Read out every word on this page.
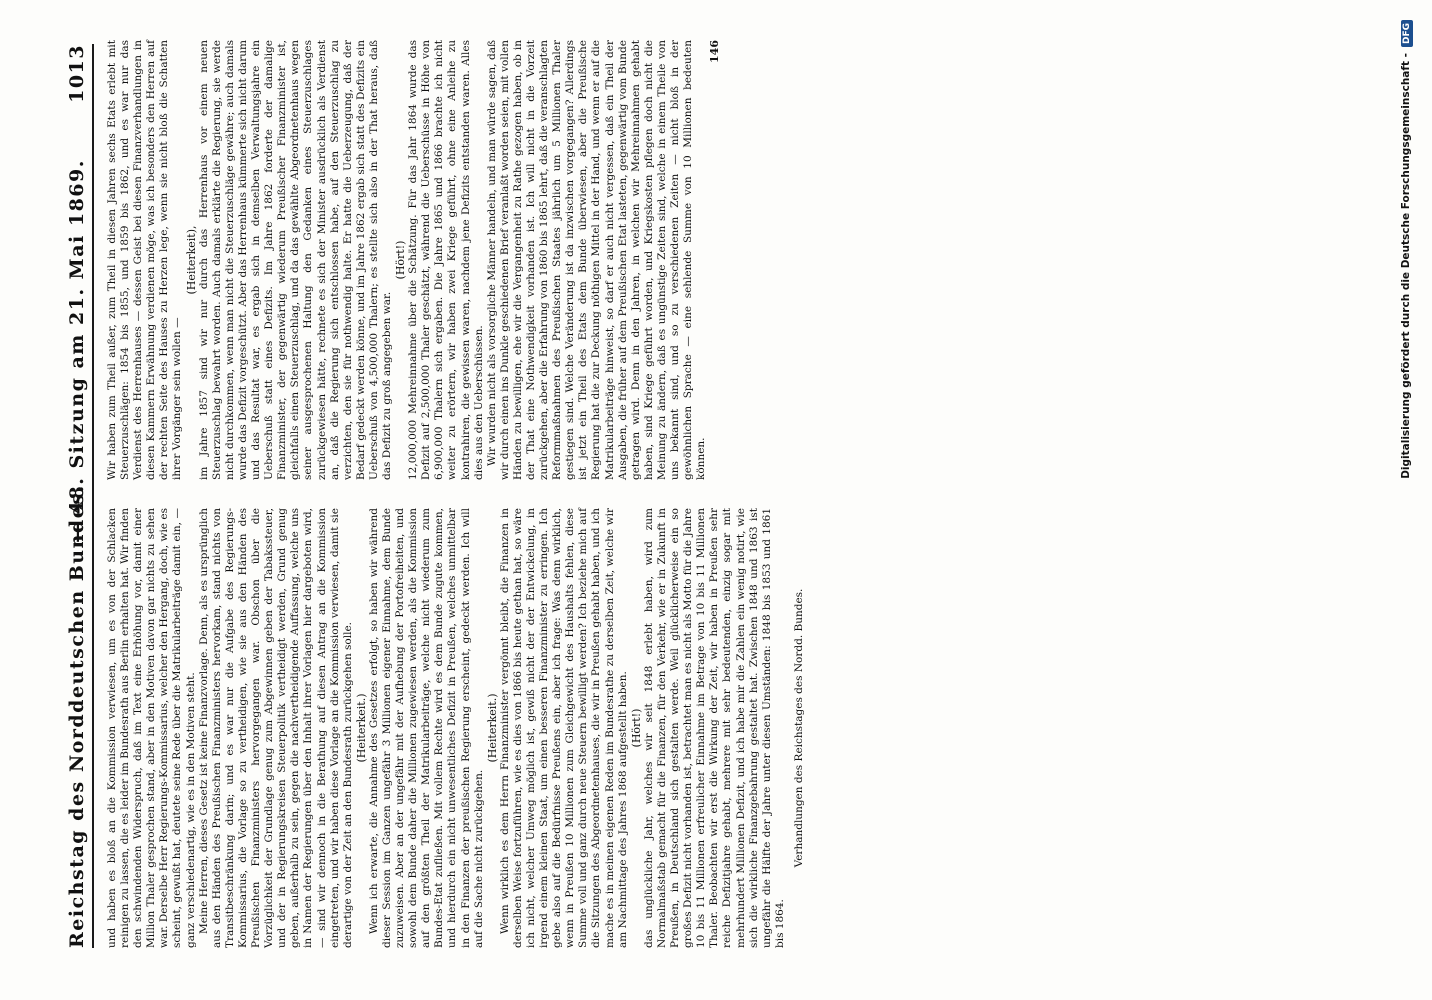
Reichstag des Norddeutschen Bundes.
— 48. Sitzung am 21. Mai 1869.  1013

und haben es bloß an die Kommission verwiesen, um es von der Schlacken reinigen zu lassen, die es leider im Bundesrath aus Berlin erhalten hat. Wir finden den schwindenden Widerspruch, daß im Text eine Erhöhung vor, damit einer Million Thaler gesprochen stand, aber in den Motiven davon gar nichts zu sehen war. Derselbe Herr Regierungs-Kommissarius, welcher den Hergang, doch, wie es scheint, gewußt hat, deutete seine Rede über die Matrikularbeiträge damit ein, — ganz verschiedenartig, wie es in den Motiven steht. Meine Herren, dieses Gesetz ist keine Finanzvorlage. Denn, als es ursprünglich aus den Händen des Preußischen Finanzministers hervorkam, stand nichts von Transitbeschränkung darin; und es war nur die Aufgabe des Regierungs-Kommissarius, die Vorlage so zu vertheidigen, wie sie aus den Händen des Preußischen Finanzministers hervorgegangen war. Obschon über die Vorzüglichkeit der Grundlage genug zum Abgewinnen geben der Tabakssteuer, und der in Regierungskreisen Steuerpolitik vertheidigt werden, Grund genug geben, außerhalb zu sein, gegen die nachvertheidigende Auffassung, welche uns in Namen der Regierungen über den Inhalt ihrer Vorlagen hier dargeboten wird, — sind wir dennoch in die Berathung auf diesen Antrag an die Kommission eingetreten, und wir haben diese Vorlage an die Kommission verwiesen, damit sie derartige von der Zeit an den Bundesrath zurückgehen solle. (Heiterkeit.) Wenn ich erwarte, die Annahme des Gesetzes erfolgt, so haben wir während dieser Session im Ganzen ungefähr 3 Millionen eigener Einnahme, dem Bunde zuzuweisen. Aber an der ungefähr mit der Aufhebung der Portofreiheiten, und sowohl dem Bunde daher die Millionen zugewiesen werden, als die Kommission auf den größten Theil der Matrikularbeiträge, welche nicht wiederum zum Bundes-Etat zufließen. Mit vollem Rechte wird es dem Bunde zugute kommen, und hierdurch ein nicht unwesentliches Defizit in Preußen, welches unmittelbar in den Finanzen der preußischen Regierung erscheint, gedeckt werden. Ich will auf die Sache nicht zurückgehen.

(Heiterkeit.) Wenn wirklich es dem Herrn Finanzminister vergönnt bleibt, die Finanzen in derselben Weise fortzuführen, wie es dies von 1866 bis heute gethan hat, so wäre ich nicht, welcher Umweg möglich ist, gewiß nicht der der Entwickelung, in irgend einem kleinen Staat, um einen besseren Finanzminister zu erringen. Ich gebe also auf die Bedürfnisse Preußens ein, aber ich frage: Was denn wirklich, wenn in Preußen 10 Millionen zum Gleichgewicht des Haushalts fehlen, diese Summe voll und ganz durch neue Steuern bewilligt werden? Ich beziehe mich auf die Sitzungen des Abgeordnetenhauses, die wir in Preußen gehabt haben, und ich mache es in meinen eigenen Reden im Bundesrathe zu derselben Zeit, welche wir am Nachmittage des Jahres 1868 aufgestellt haben. (Hört!) das unglückliche Jahr, welches wir seit 1848 erlebt haben, wird zum Normalmaßstab gemacht für die Finanzen, für den Verkehr, wie er in Zukunft in Preußen, in Deutschland sich gestalten werde. Weil glücklicherweise ein so großes Defizit nicht vorhanden ist, betrachtet man es nicht als Motto für die Jahre 10 bis 11 Millionen erfreulicher Einnahme im Betrage von 10 bis 11 Millionen Thaler. Beobachten wir erst die Wirkung der Zeit, wir haben in Preußen sehr reiche Defizitjahre gehabt, mehrere mit sehr bedeutenden, einzig sogar mit mehrhundert Millionen Defizit, und ich habe mir die Zahlen ein wenig notirt, wie sich die wirkliche Finanzgebahrung gestaltet hat. Zwischen 1848 und 1863 ist ungefähr die Hälfte der Jahre unter diesen Umständen: 1848 bis 1853 und 1861 bis 1864.

Verhandlungen des Reichstages des Nordd. Bundes.

Wir haben zum Theil außer, zum Theil in diesen Jahren sechs Etats erlebt mit Steuerzuschlägen: 1854 bis 1855, und 1859 bis 1862, und es war nur das Verdienst des Herrenhauses — dessen Geist bei diesen Finanzverhandlungen in diesen Kammern Erwähnung verdienen möge, was ich besonders den Herren auf der rechten Seite des Hauses zu Herzen lege, wenn sie nicht bloß die Schatten ihrer Vorgänger sein wollen —

(Heiterkeit), im Jahre 1857 sind wir nur durch das Herrenhaus vor einem neuen Steuerzuschlag bewahrt worden. Auch damals erklärte die Regierung, sie werde nicht durchkommen, wenn man nicht die Steuerzuschläge gewähre; auch damals wurde das Defizit vorgeschützt. Aber das Herrenhaus kümmerte sich nicht darum und das Resultat war, es ergab sich in demselben Verwaltungsjahre ein Ueberschuß statt eines Defizits. Im Jahre 1862 forderte der damalige Finanzminister, der gegenwärtig wiederum Preußischer Finanzminister ist, gleichfalls einen Steuerzuschlag, und da das gewählte Abgeordnetenhaus wegen seiner ausgesprochenen Haltung den Gedanken eines Steuerzuschlages zurückgewiesen hätte, rechnete es sich der Minister ausdrücklich als Verdienst an, daß die Regierung sich entschlossen habe, auf den Steuerzuschlag zu verzichten, den sie für nothwendig halte. Er hatte die Ueberzeugung, daß der Bedarf gedeckt werden könne, und im Jahre 1862 ergab sich statt des Defizits ein Ueberschuß von 4,500,000 Thalern; es stellte sich also in der That heraus, daß das Defizit zu groß angegeben war.

(Hört!) 12,000,000 Mehreinnahme über die Schätzung. Für das Jahr 1864 wurde das Defizit auf 2,500,000 Thaler geschätzt, während die Ueberschüsse in Höhe von 6,900,000 Thalern sich ergaben. Die Jahre 1865 und 1866 brachte ich nicht weiter zu erörtern, wir haben zwei Kriege geführt, ohne eine Anleihe zu kontrahiren, die gewissen waren, nachdem jene Defizits entstanden waren. Alles dies aus den Ueberschüssen. Wir wurden nicht als vorsorgliche Männer handeln, und man würde sagen, daß wir durch einen ins Dunkle geschiedenen Brief veranlaßt worden seien, mit vollen Händen zu bewilligen, ehe wir die Vergangenheit zu Rathe gezogen haben, ob in der That eine Nothwendigkeit vorhanden ist. Ich will nicht in die Vorzeit zurückgehen, aber die Erfahrung von 1860 bis 1865 lehrt, daß die veranschlagten Reformmaßnahmen des Preußischen Staates jährlich um 5 Millionen Thaler gestiegen sind. Welche Veränderung ist da inzwischen vorgegangen? Allerdings ist jetzt ein Theil des Etats dem Bunde überwiesen, aber die Preußische Regierung hat die zur Deckung nöthigen Mittel in der Hand, und wenn er auf die Matrikularbeiträge hinweist, so darf er auch nicht vergessen, daß ein Theil der Ausgaben, die früher auf dem Preußischen Etat lasteten, gegenwärtig vom Bunde getragen wird. Denn in den Jahren, in welchen wir Mehreinnahmen gehabt haben, sind Kriege geführt worden, und Kriegskosten pflegen doch nicht die Meinung zu ändern, daß es ungünstige Zeiten sind, welche in einem Theile von uns bekannt sind, und so zu verschiedenen Zeiten — nicht bloß in der gewöhnlichen Sprache — eine sehlende Summe von 10 Millionen bedeuten können.

146

Digitalisierung gefördert durch die Deutsche Forschungsgemeinschaft -DFG
